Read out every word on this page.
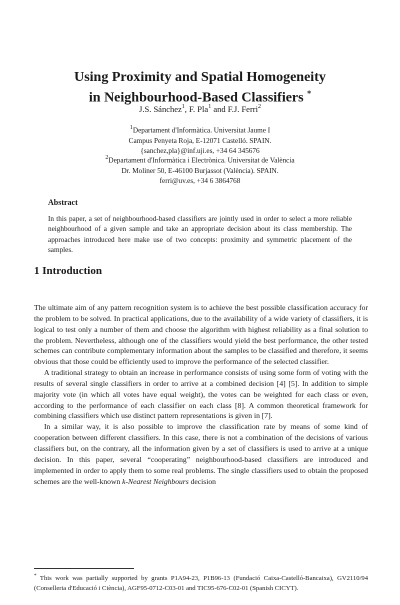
Using Proximity and Spatial Homogeneity
in Neighbourhood-Based Classifiers *
J.S. Sánchez$^1$, F. Pla$^1$ and F.J. Ferri$^2$
$^1$Departament d'Informàtica. Universitat Jaume I
Campus Penyeta Roja, E-12071 Castelló. SPAIN.
{sanchez,pla}@inf.uji.es, +34 64 345676
$^2$Departament d'Informàtica i Electrònica. Universitat de València
Dr. Moliner 50, E-46100 Burjassot (València). SPAIN.
ferri@uv.es, +34 6 3864768
Abstract
In this paper, a set of neighbourhood-based classifiers are jointly used in order to select a more reliable neighbourhood of a given sample and take an appropriate decision about its class membership. The approaches introduced here make use of two concepts: proximity and symmetric placement of the samples.
1 Introduction

The ultimate aim of any pattern recognition system is to achieve the best possible classification accuracy for the problem to be solved. In practical applications, due to the availability of a wide variety of classifiers, it is logical to test only a number of them and choose the algorithm with highest reliability as a final solution to the problem. Nevertheless, although one of the classifiers would yield the best performance, the other tested schemes can contribute complementary information about the samples to be classified and therefore, it seems obvious that those could be efficiently used to improve the performance of the selected classifier.

A traditional strategy to obtain an increase in performance consists of using some form of voting with the results of several single classifiers in order to arrive at a combined decision [4] [5]. In addition to simple majority vote (in which all votes have equal weight), the votes can be weighted for each class or even, according to the performance of each classifier on each class [8]. A common theoretical framework for combining classifiers which use distinct pattern representations is given in [7].

In a similar way, it is also possible to improve the classification rate by means of some kind of cooperation between different classifiers. In this case, there is not a combination of the decisions of various classifiers but, on the contrary, all the information given by a set of classifiers is used to arrive at a unique decision. In this paper, several “cooperating” neighbourhood-based classifiers are introduced and implemented in order to apply them to some real problems. The single classifiers used to obtain the proposed schemes are the well-known k-Nearest Neighbours decision

* This work was partially supported by grants P1A94-23, P1B96-13 (Fundació Caixa-Castelló-Bancaixa), GV2110/94 (Conselleria d'Educació i Ciència), AGF95-0712-C03-01 and TIC95-676-C02-01 (Spanish CICYT).
